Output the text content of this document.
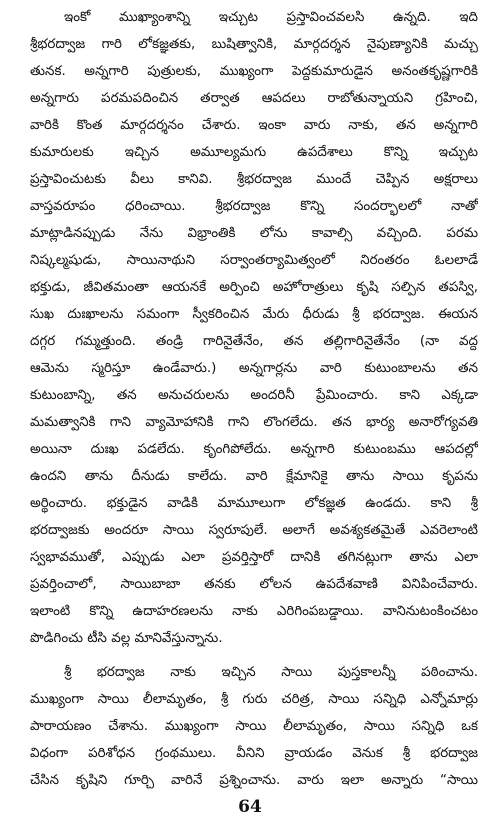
ఇంకో ముఖ్యాంశాన్ని ఇచ్చుట ప్రస్తావించవలసి ఉన్నది. ఇది
శ్రీభరద్వాజ గారి లోకజ్ఞతకు, బుషిత్వానికి, మార్గదర్శన నైపుణ్యానికి మచ్చు
తునక. అన్నగారి పుత్రులకు, ముఖ్యంగా పెద్దకుమారుడైన అనంతకృష్ణగారికి
అన్నగారు పరమపదించిన తర్వాత ఆపదలు రాబోతున్నాయని గ్రహించి,
వారికి కొంత మార్గదర్శనం చేశారు. ఇంకా వారు నాకు, తన అన్నగారి
కుమారులకు ఇచ్చిన అమూల్యమగు ఉపదేశాలు కొన్ని ఇచ్చుట
ప్రస్తావించుటకు వీలు కానివి. శ్రీభరద్వాజ ముందే చెప్పిన అక్షరాలు
వాస్తవరూపం ధరించాయి. శ్రీభరద్వాజ కొన్ని సందర్భాలలో నాతో
మాట్లాడినప్పుడు నేను విభ్రాంతికి లోను కావాల్సి వచ్చింది. పరమ
నిష్కల్మషుడు, సాయినాథుని సర్వాంతర్యామిత్వంలో నిరంతరం ఓలలాడే
భక్తుడు, జీవితమంతా ఆయనకే అర్పించి అహోరాత్రులు కృషి సల్పిన తపస్వి,
సుఖ దుఃఖాలను సమంగా స్వీకరించిన మేరు ధీరుడు శ్రీ భరద్వాజ. ఈయన
దగ్గర గమ్మత్తుంది. తండ్రి గారినైతేనేం, తన తల్లిగారినైతేనేం (నా వద్ద
ఆమెను స్మరిస్తూ ఉండేవారు.) అన్నగార్లను వారి కుటుంబాలను తన
కుటుంబాన్ని, తన అనుచరులను అందరినీ ప్రేమించారు. కాని ఎక్కడా
మమత్వానికి గాని వ్యామోహానికి గాని లొంగలేదు. తన భార్య అనారోగ్యవతి
అయినా దుఃఖ పడలేదు. కృంగిపోలేదు. అన్నగారి కుటుంబము ఆపదల్లో
ఉందని తాను దీనుడు కాలేదు. వారి క్షేమానికై తాను సాయి కృపను
అర్థించారు. భక్తుడైన వాడికి మామూలుగా లోకజ్ఞత ఉండదు. కాని శ్రీ
భరద్వాజకు అందరూ సాయి స్వరూపులే. అలాగే అవశ్యకతమైతే ఎవరెలాంటి
స్వభావముతో, ఎప్పుడు ఎలా ప్రవర్తిస్తారో దానికి తగినట్లుగా తాను ఎలా
ప్రవర్తించాలో, సాయిబాబా తనకు లోలన ఉపదేశవాణి వినిపించేవారు.
ఇలాంటి కొన్ని ఉదాహరణలను నాకు ఎరిగింపబడ్డాయి. వానినుటంకించటం
పొడిగించు టీసి వల్ల మానివేస్తున్నాను.
శ్రీ భరద్వాజ నాకు ఇచ్చిన సాయి పుస్తకాలన్నీ పఠించాను.
ముఖ్యంగా సాయి లీలామృతం, శ్రీ గురు చరిత్ర, సాయి సన్నిధి ఎన్నోమార్లు
పారాయణం చేశాను. ముఖ్యంగా సాయి లీలామృతం, సాయి సన్నిధి ఒక
విధంగా పరిశోధన గ్రంథములు. వీనిని వ్రాయడం వెనుక శ్రీ భరద్వాజ
చేసిన కృషిని గూర్చి వారినే ప్రశ్నించాను. వారు ఇలా అన్నారు “సాయి
64
